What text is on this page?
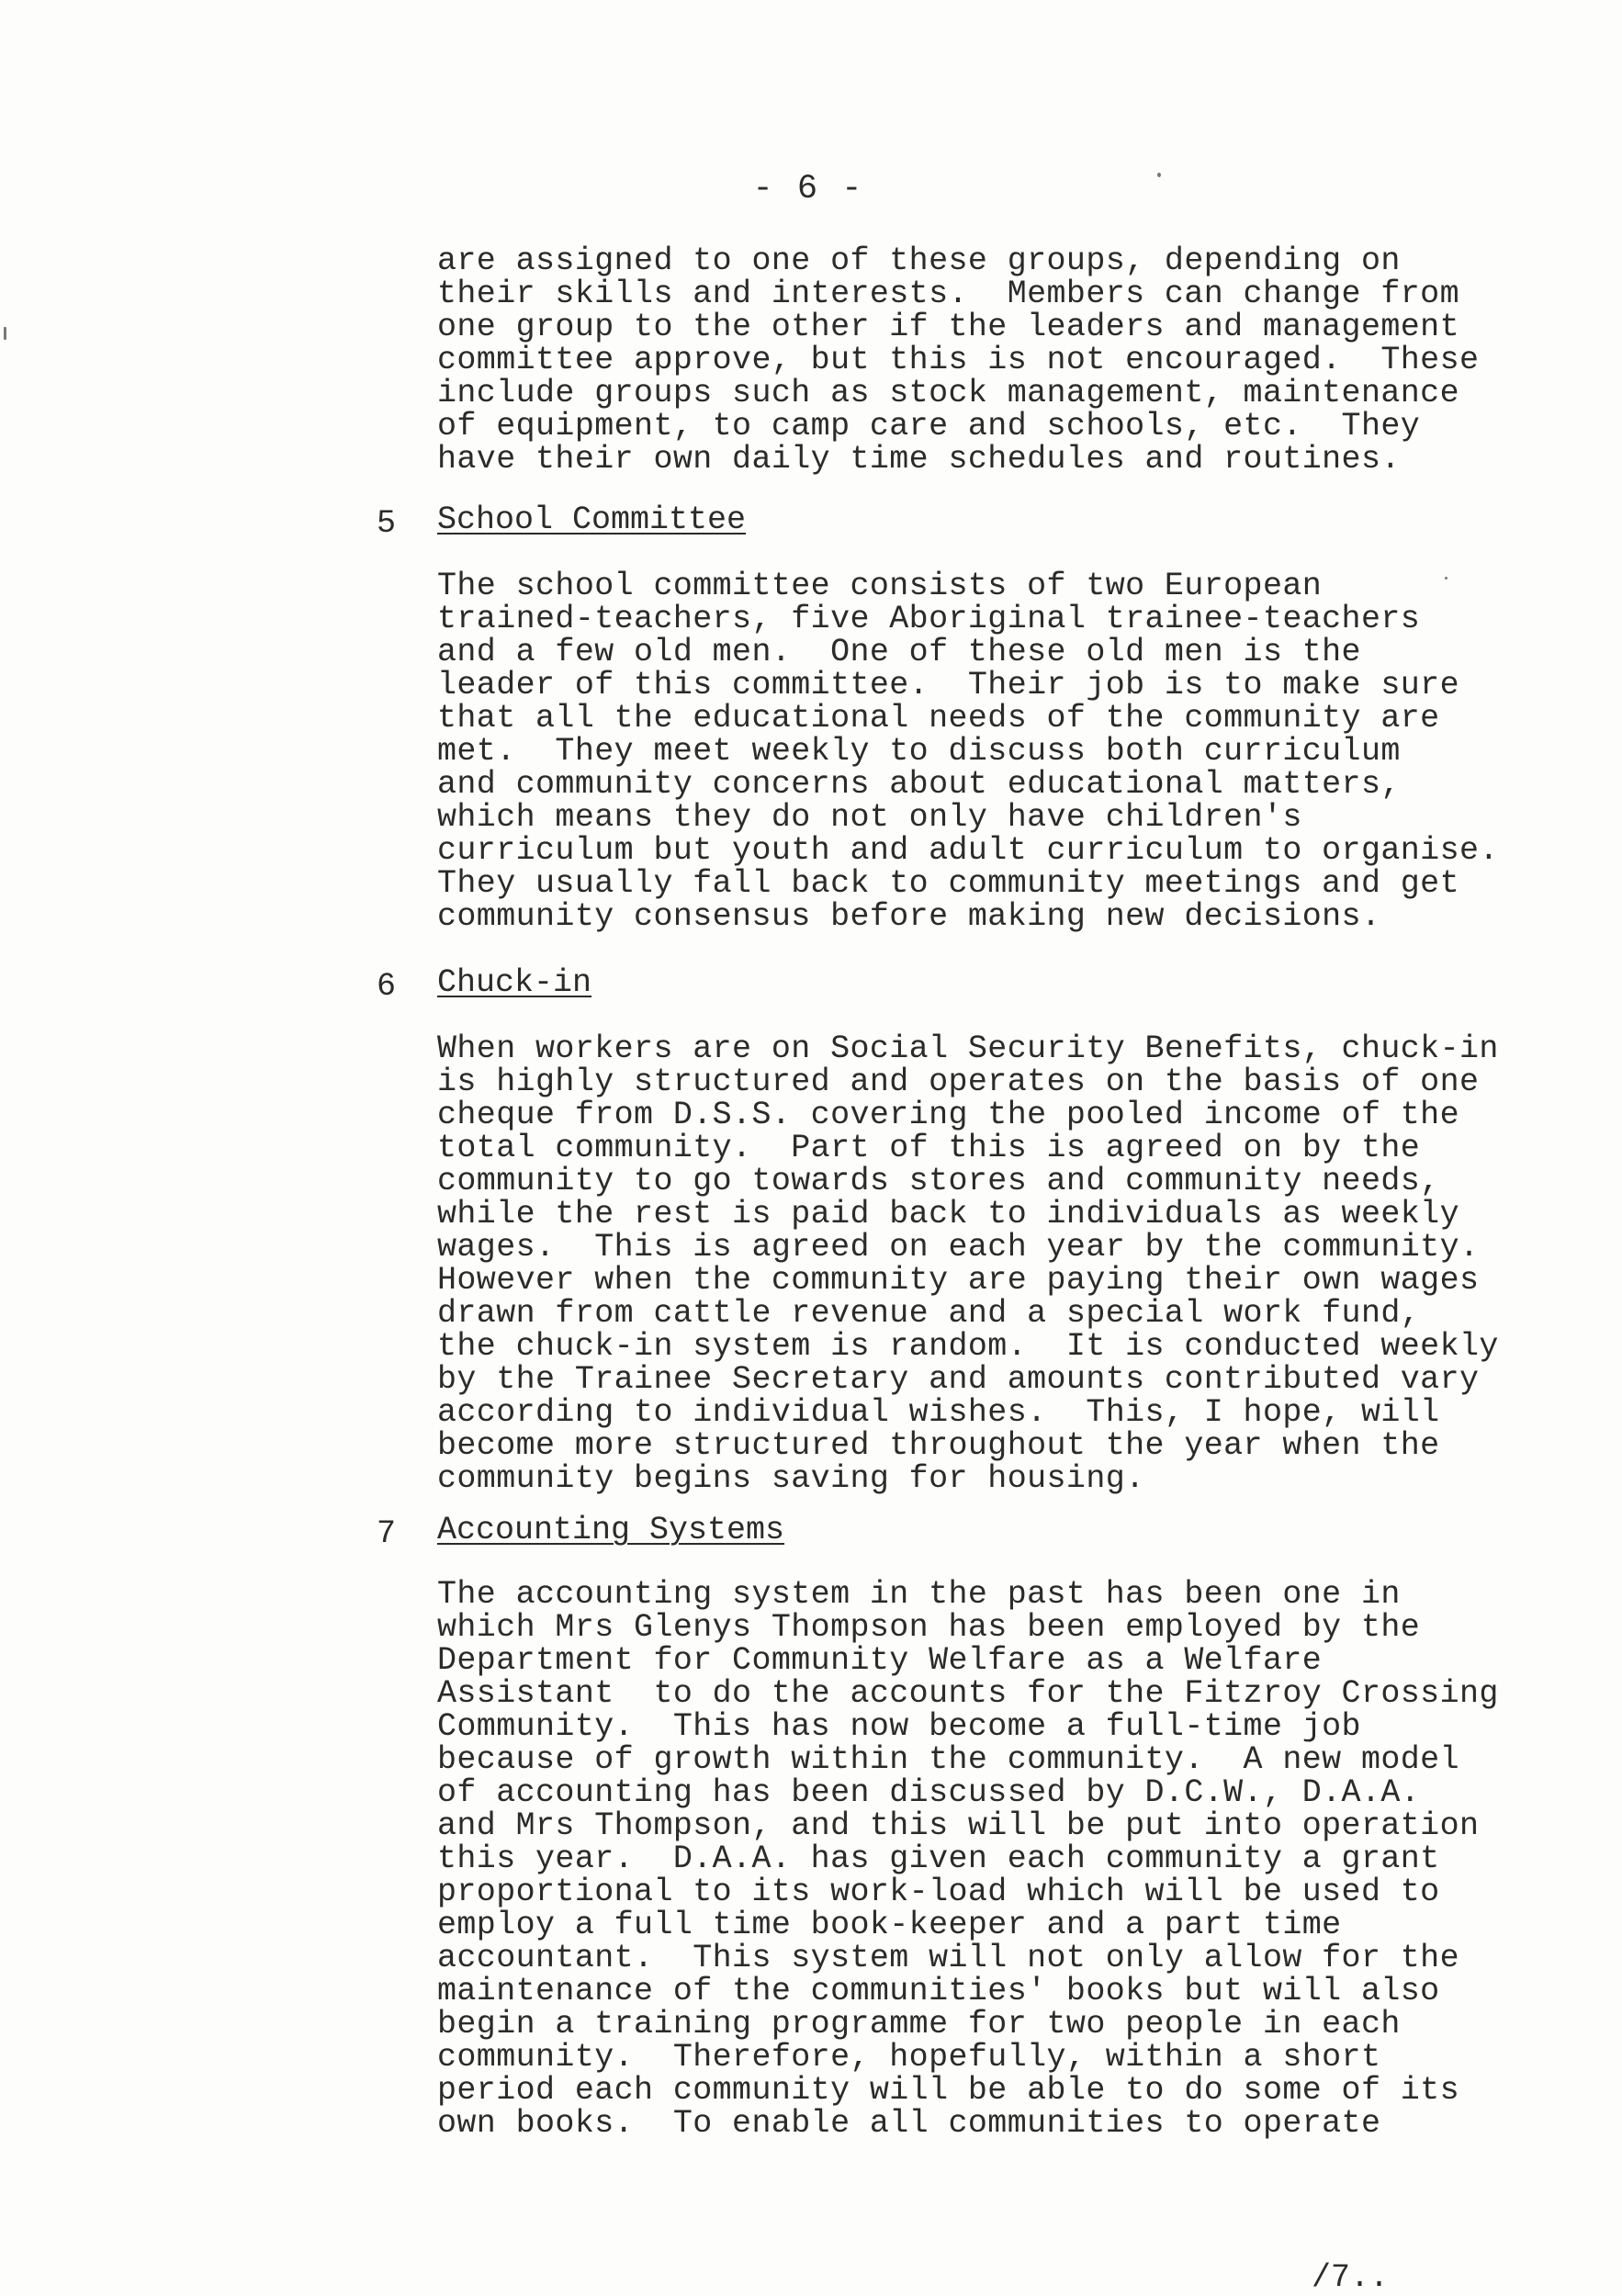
- 6 -

are assigned to one of these groups, depending on
their skills and interests.  Members can change from
one group to the other if the leaders and management
committee approve, but this is not encouraged.  These
include groups such as stock management, maintenance
of equipment, to camp care and schools, etc.  They
have their own daily time schedules and routines.

5 School Committee

The school committee consists of two European
trained-teachers, five Aboriginal trainee-teachers
and a few old men.  One of these old men is the
leader of this committee.  Their job is to make sure
that all the educational needs of the community are
met.  They meet weekly to discuss both curriculum
and community concerns about educational matters,
which means they do not only have children's
curriculum but youth and adult curriculum to organise.
They usually fall back to community meetings and get
community consensus before making new decisions.

6 Chuck-in

When workers are on Social Security Benefits, chuck-in
is highly structured and operates on the basis of one
cheque from D.S.S. covering the pooled income of the
total community.  Part of this is agreed on by the
community to go towards stores and community needs,
while the rest is paid back to individuals as weekly
wages.  This is agreed on each year by the community.
However when the community are paying their own wages
drawn from cattle revenue and a special work fund,
the chuck-in system is random.  It is conducted weekly
by the Trainee Secretary and amounts contributed vary
according to individual wishes.  This, I hope, will
become more structured throughout the year when the
community begins saving for housing.

7 Accounting Systems

The accounting system in the past has been one in
which Mrs Glenys Thompson has been employed by the
Department for Community Welfare as a Welfare
Assistant  to do the accounts for the Fitzroy Crossing
Community.  This has now become a full-time job
because of growth within the community.  A new model
of accounting has been discussed by D.C.W., D.A.A.
and Mrs Thompson, and this will be put into operation
this year.  D.A.A. has given each community a grant
proportional to its work-load which will be used to
employ a full time book-keeper and a part time
accountant.  This system will not only allow for the
maintenance of the communities' books but will also
begin a training programme for two people in each
community.  Therefore, hopefully, within a short
period each community will be able to do some of its
own books.  To enable all communities to operate

/7..
